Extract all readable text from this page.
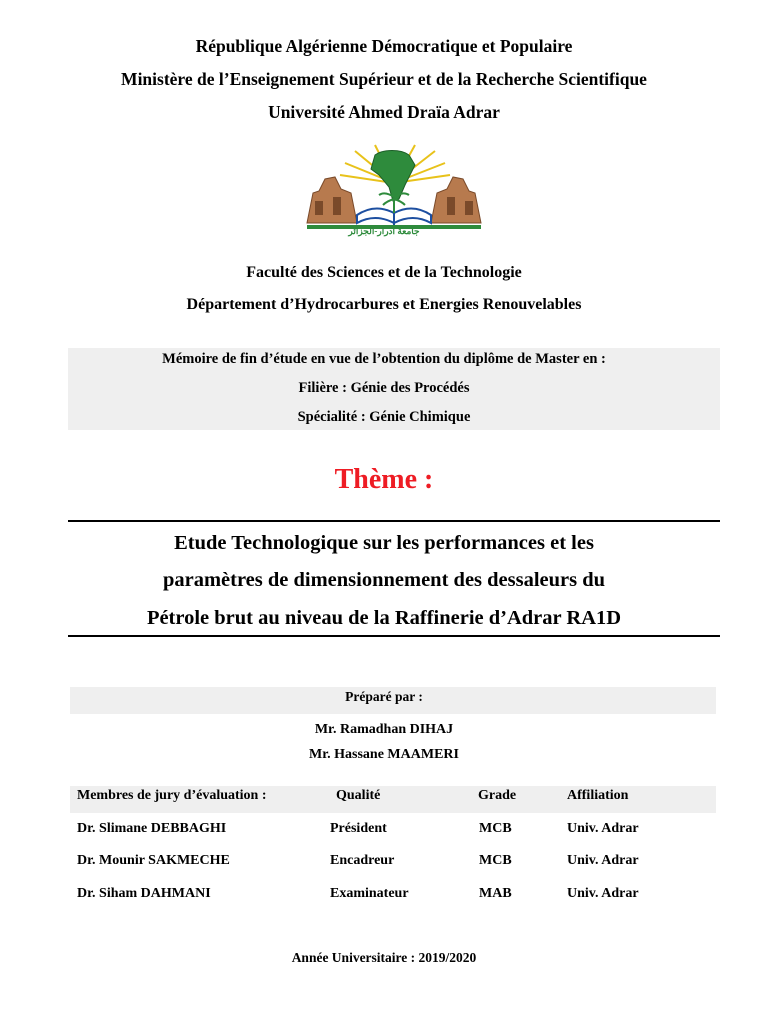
République Algérienne Démocratique et Populaire
Ministère de l’Enseignement Supérieur et de la Recherche Scientifique
Université Ahmed Draïa Adrar
جامعة أدرار-الجزائر
Faculté des Sciences et de la Technologie
Département d’Hydrocarbures et Energies Renouvelables
Mémoire de fin d’étude en vue de l’obtention du diplôme de Master en :
Filière : Génie des Procédés
Spécialité : Génie Chimique
Thème :
Etude Technologique sur les performances et les
paramètres de dimensionnement des dessaleurs du
Pétrole brut au niveau de la Raffinerie d’Adrar RA1D
Préparé par :
Mr. Ramadhan DIHAJ
Mr. Hassane MAAMERI
Membres de jury d’évaluation :	Qualité	Grade	Affiliation
Dr. Slimane DEBBAGHI	Président	MCB	Univ. Adrar
Dr. Mounir SAKMECHE	Encadreur	MCB	Univ. Adrar
Dr. Siham DAHMANI	Examinateur	MAB	Univ. Adrar
Année Universitaire : 2019/2020
